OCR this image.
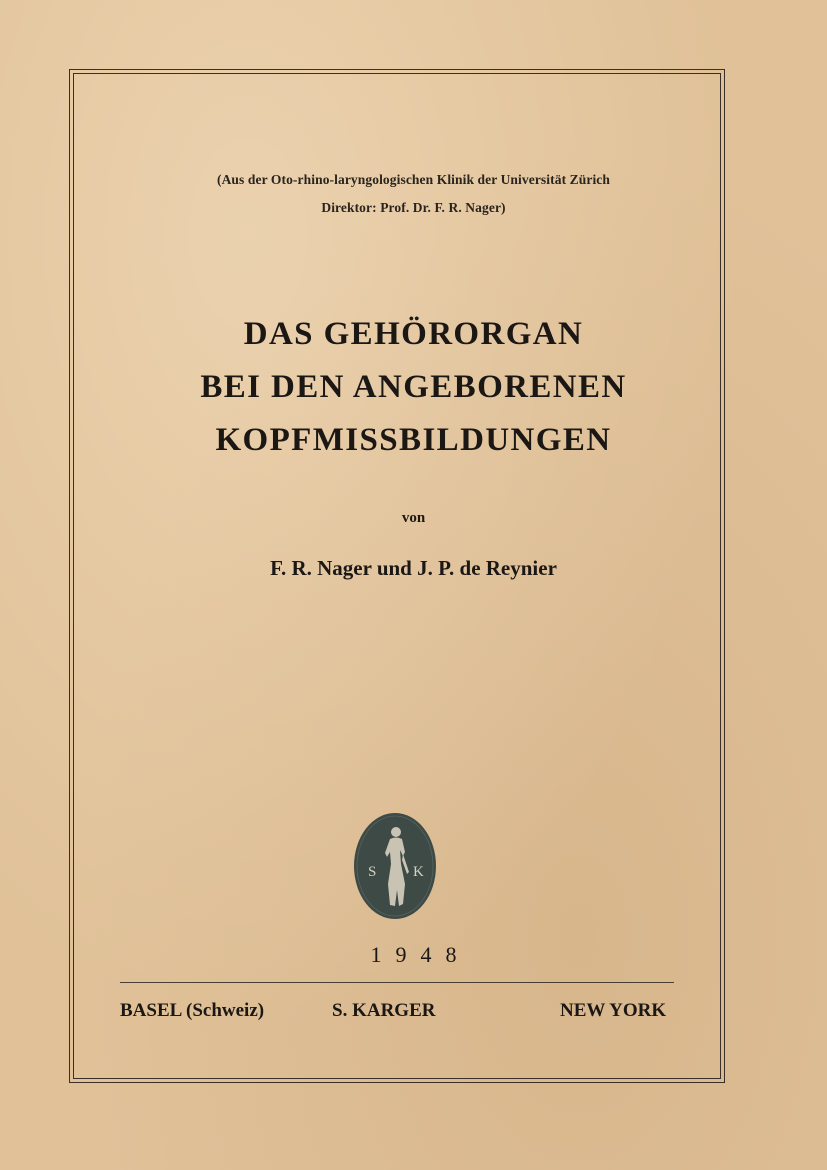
(Aus der Oto-rhino-laryngologischen Klinik der Universität Zürich
Direktor: Prof. Dr. F. R. Nager)
DAS GEHÖRORGAN
BEI DEN ANGEBORENEN
KOPFMISSBILDUNGEN
von
F. R. Nager und J. P. de Reynier
S K
1948
BASEL (Schweiz)	S. KARGER	NEW YORK
